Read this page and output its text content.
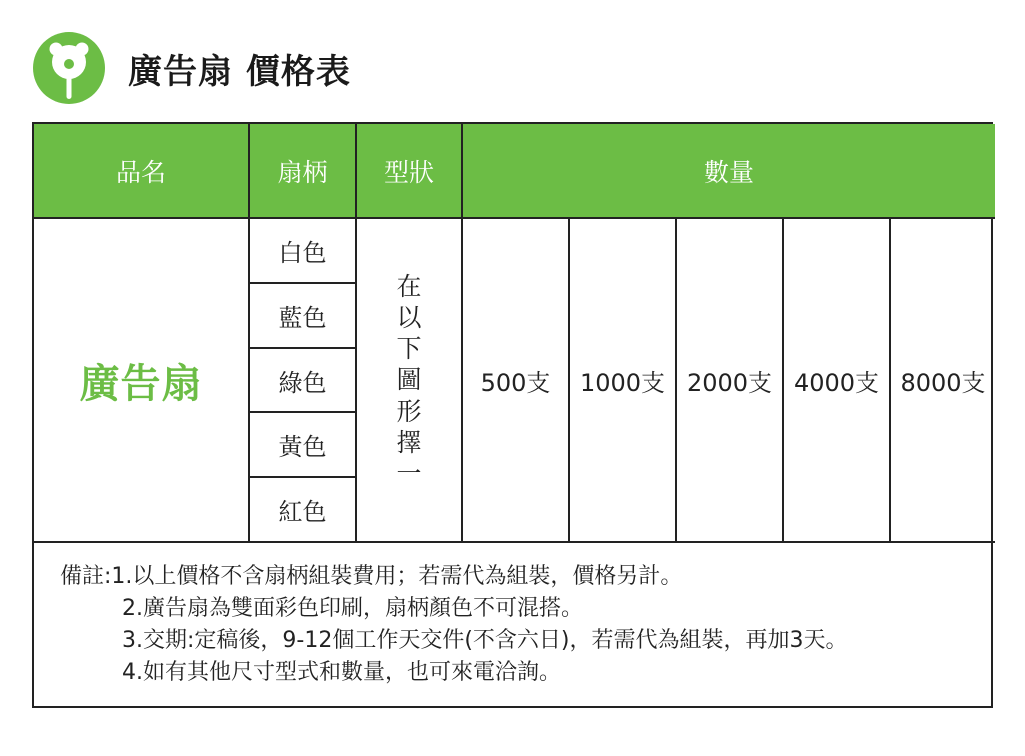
廣告扇 價格表
品名	扇柄	型狀	數量				
廣告扇	白色	在以下圖形擇一	500支	1000支	2000支	4000支	8000支
	藍色						
	綠色						
	黃色						
	紅色						
備註:1.以上價格不含扇柄組裝費用；若需代為組裝，價格另計。
2.廣告扇為雙面彩色印刷，扇柄顏色不可混搭。
3.交期:定稿後，9-12個工作天交件(不含六日)，若需代為組裝，再加3天。
4.如有其他尺寸型式和數量，也可來電洽詢。
